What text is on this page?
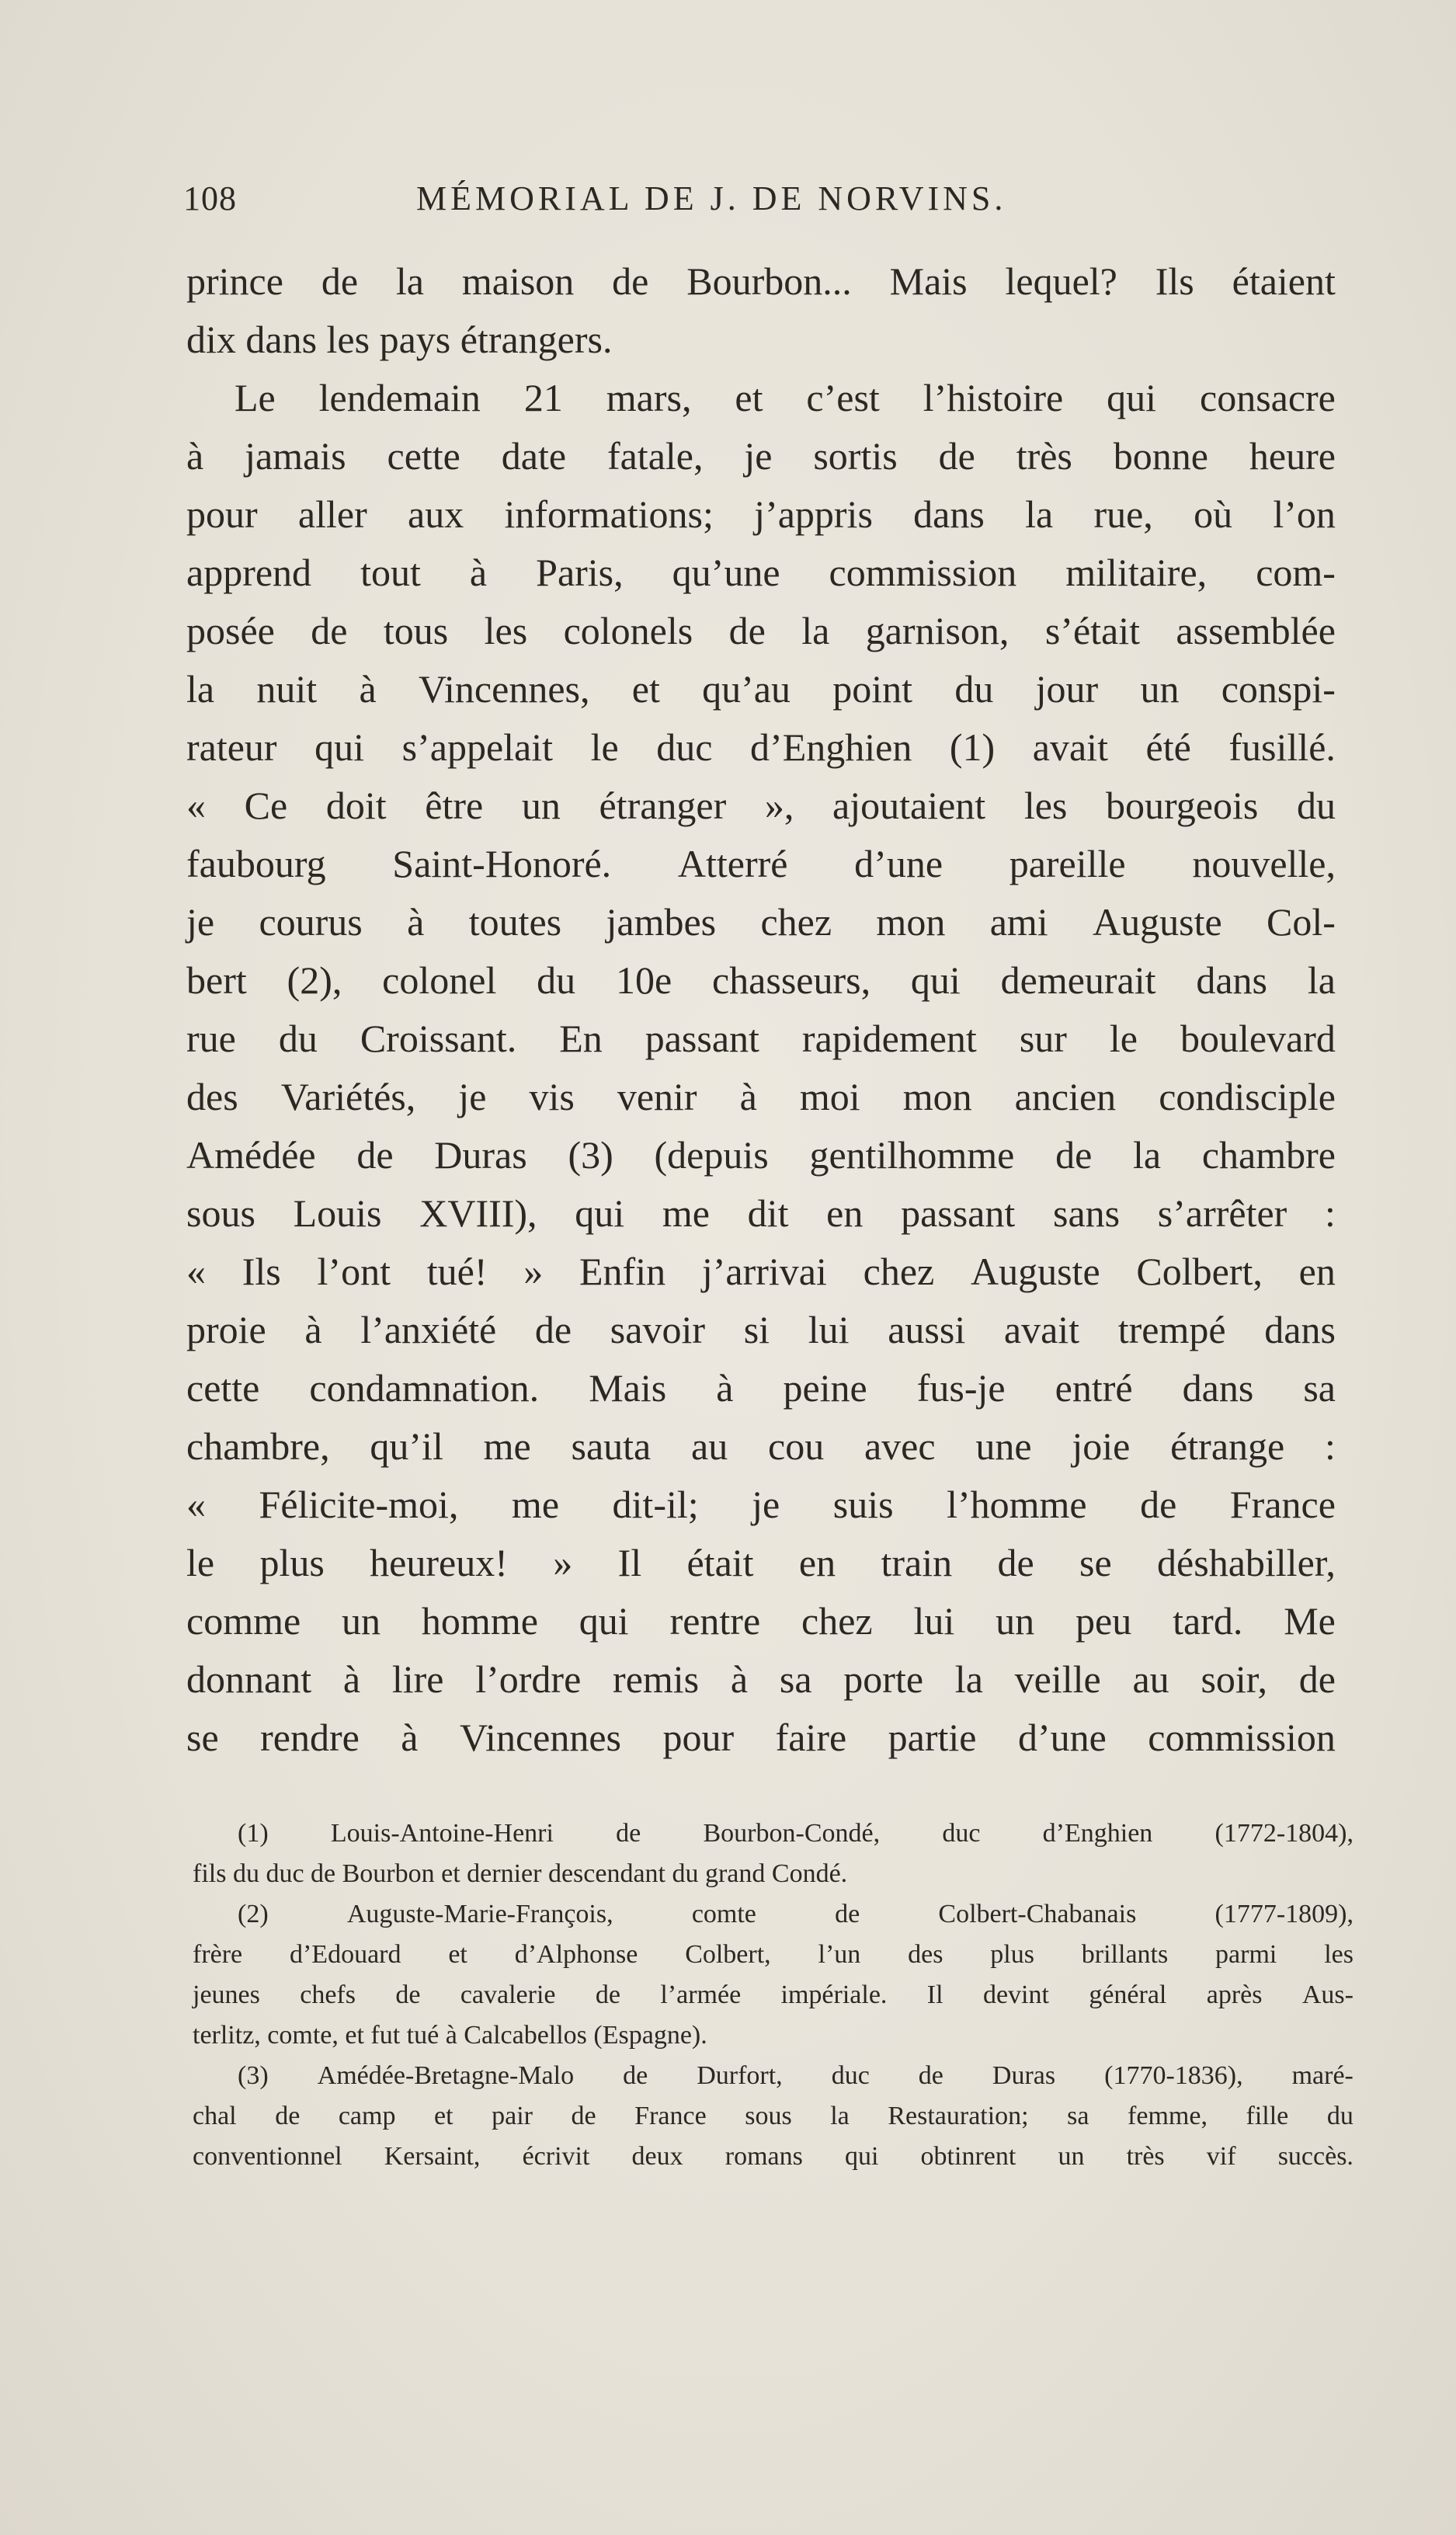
108	MÉMORIAL DE J. DE NORVINS.
prince de la maison de Bourbon... Mais lequel? Ils étaient
dix dans les pays étrangers.
Le lendemain 21 mars, et c’est l’histoire qui consacre
à jamais cette date fatale, je sortis de très bonne heure
pour aller aux informations; j’appris dans la rue, où l’on
apprend tout à Paris, qu’une commission militaire, com-
posée de tous les colonels de la garnison, s’était assemblée
la nuit à Vincennes, et qu’au point du jour un conspi-
rateur qui s’appelait le duc d’Enghien (1) avait été fusillé.
« Ce doit être un étranger », ajoutaient les bourgeois du
faubourg Saint-Honoré. Atterré d’une pareille nouvelle,
je courus à toutes jambes chez mon ami Auguste Col-
bert (2), colonel du 10e chasseurs, qui demeurait dans la
rue du Croissant. En passant rapidement sur le boulevard
des Variétés, je vis venir à moi mon ancien condisciple
Amédée de Duras (3) (depuis gentilhomme de la chambre
sous Louis XVIII), qui me dit en passant sans s’arrêter :
« Ils l’ont tué! » Enfin j’arrivai chez Auguste Colbert, en
proie à l’anxiété de savoir si lui aussi avait trempé dans
cette condamnation. Mais à peine fus-je entré dans sa
chambre, qu’il me sauta au cou avec une joie étrange :
« Félicite-moi, me dit-il; je suis l’homme de France
le plus heureux! » Il était en train de se déshabiller,
comme un homme qui rentre chez lui un peu tard. Me
donnant à lire l’ordre remis à sa porte la veille au soir, de
se rendre à Vincennes pour faire partie d’une commission
(1) Louis-Antoine-Henri de Bourbon-Condé, duc d’Enghien (1772-1804),
fils du duc de Bourbon et dernier descendant du grand Condé.
(2)	Auguste-Marie-François,	comte	de	Colbert-Chabanais	(1777-1809),
frère d’Edouard et d’Alphonse Colbert, l’un des plus brillants parmi les
jeunes chefs de cavalerie de l’armée impériale. Il devint général après Aus-
terlitz, comte, et fut tué à Calcabellos (Espagne).
(3) Amédée-Bretagne-Malo de Durfort, duc de Duras (1770-1836), maré-
chal de camp et pair de France sous la Restauration; sa femme, fille du
conventionnel Kersaint, écrivit deux romans qui obtinrent un très vif succès.
